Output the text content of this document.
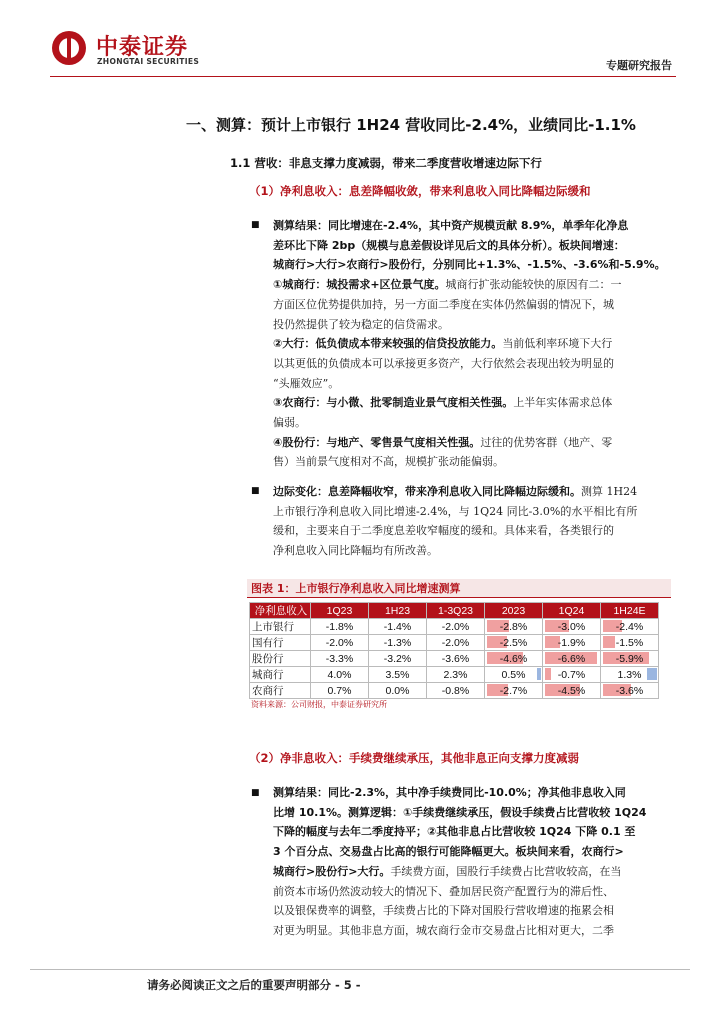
中泰证券
ZHONGTAI SECURITIES	专题研究报告
一、测算：预计上市银行 1H24 营收同比-2.4%，业绩同比-1.1%
1.1 营收：非息支撑力度减弱，带来二季度营收增速边际下行
（1）净利息收入：息差降幅收敛，带来利息收入同比降幅边际缓和
■ 测算结果：同比增速在-2.4%，其中资产规模贡献 8.9%，单季年化净息
差环比下降 2bp（规模与息差假设详见后文的具体分析）。板块间增速：
城商行>大行>农商行>股份行，分别同比+1.3%、-1.5%、-3.6%和-5.9%。
①城商行：城投需求+区位景气度。城商行扩张动能较快的原因有二：一
方面区位优势提供加持，另一方面二季度在实体仍然偏弱的情况下，城
投仍然提供了较为稳定的信贷需求。
②大行：低负债成本带来较强的信贷投放能力。当前低利率环境下大行
以其更低的负债成本可以承接更多资产，大行依然会表现出较为明显的
“头雁效应”。
③农商行：与小微、批零制造业景气度相关性强。上半年实体需求总体
偏弱。
④股份行：与地产、零售景气度相关性强。过往的优势客群（地产、零
售）当前景气度相对不高，规模扩张动能偏弱。
■ 边际变化：息差降幅收窄，带来净利息收入同比降幅边际缓和。测算 1H24
上市银行净利息收入同比增速-2.4%，与 1Q24 同比-3.0%的水平相比有所
缓和，主要来自于二季度息差收窄幅度的缓和。具体来看，各类银行的
净利息收入同比降幅均有所改善。
图表 1：上市银行净利息收入同比增速测算
净利息收入	1Q23	1H23	1-3Q23	2023	1Q24	1H24E
上市银行	-1.8%	-1.4%	-2.0%	-2.8%	-3.0%	-2.4%
国有行	-2.0%	-1.3%	-2.0%	-2.5%	-1.9%	-1.5%
股份行	-3.3%	-3.2%	-3.6%	-4.6%	-6.6%	-5.9%
城商行	4.0%	3.5%	2.3%	0.5%	-0.7%	1.3%
农商行	0.7%	0.0%	-0.8%	-2.7%	-4.5%	-3.6%
资料来源：公司财报，中泰证券研究所
（2）净非息收入：手续费继续承压，其他非息正向支撑力度减弱
■ 测算结果：同比-2.3%，其中净手续费同比-10.0%；净其他非息收入同
比增 10.1%。测算逻辑：①手续费继续承压，假设手续费占比营收较 1Q24
下降的幅度与去年二季度持平；②其他非息占比营收较 1Q24 下降 0.1 至
3 个百分点、交易盘占比高的银行可能降幅更大。板块间来看，农商行>
城商行>股份行>大行。手续费方面，国股行手续费占比营收较高，在当
前资本市场仍然波动较大的情况下、叠加居民资产配置行为的滞后性、
以及银保费率的调整，手续费占比的下降对国股行营收增速的拖累会相
对更为明显。其他非息方面，城农商行金市交易盘占比相对更大，二季
请务必阅读正文之后的重要声明部分 - 5 -
